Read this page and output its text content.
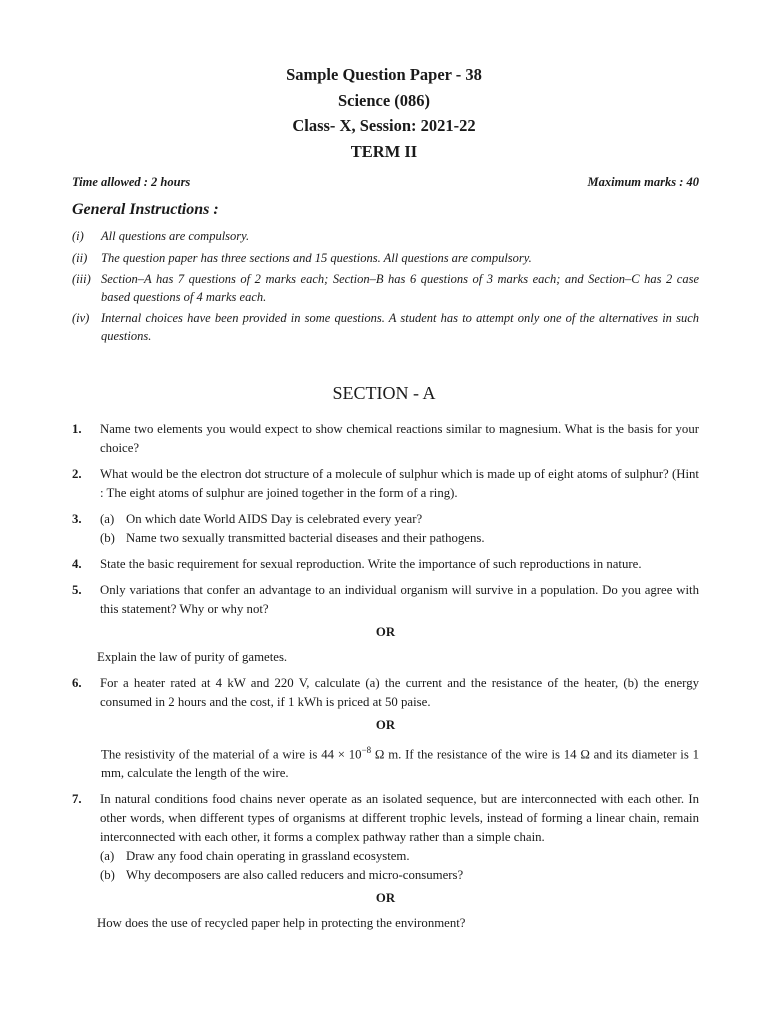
Sample Question Paper - 38
Science (086)
Class- X, Session: 2021-22
TERM II
Time allowed : 2 hours	Maximum marks : 40
General Instructions :
(i)	All questions are compulsory.
(ii)	The question paper has three sections and 15 questions. All questions are compulsory.
(iii) Section–A has 7 questions of 2 marks each; Section–B has 6 questions of 3 marks each; and Section–C has 2 case based questions of 4 marks each.
(iv) Internal choices have been provided in some questions. A student has to attempt only one of the alternatives in such questions.
SECTION - A
1.	Name two elements you would expect to show chemical reactions similar to magnesium. What is the basis for your choice?
2.	What would be the electron dot structure of a molecule of sulphur which is made up of eight atoms of sulphur? (Hint : The eight atoms of sulphur are joined together in the form of a ring).
3.	(a) On which date World AIDS Day is celebrated every year?
(b) Name two sexually transmitted bacterial diseases and their pathogens.
4.	State the basic requirement for sexual reproduction. Write the importance of such reproductions in nature.
5.	Only variations that confer an advantage to an individual organism will survive in a population. Do you agree with this statement? Why or why not?
OR
Explain the law of purity of gametes.
6.	For a heater rated at 4 kW and 220 V, calculate (a) the current and the resistance of the heater, (b) the energy consumed in 2 hours and the cost, if 1 kWh is priced at 50 paise.
OR
The resistivity of the material of a wire is $44 \times 10^{-8}$ Ω m. If the resistance of the wire is 14 Ω and its diameter is 1 mm, calculate the length of the wire.
7.	In natural conditions food chains never operate as an isolated sequence, but are interconnected with each other. In other words, when different types of organisms at different trophic levels, instead of forming a linear chain, remain interconnected with each other, it forms a complex pathway rather than a simple chain.
(a) Draw any food chain operating in grassland ecosystem.
(b) Why decomposers are also called reducers and micro-consumers?
OR
How does the use of recycled paper help in protecting the environment?
